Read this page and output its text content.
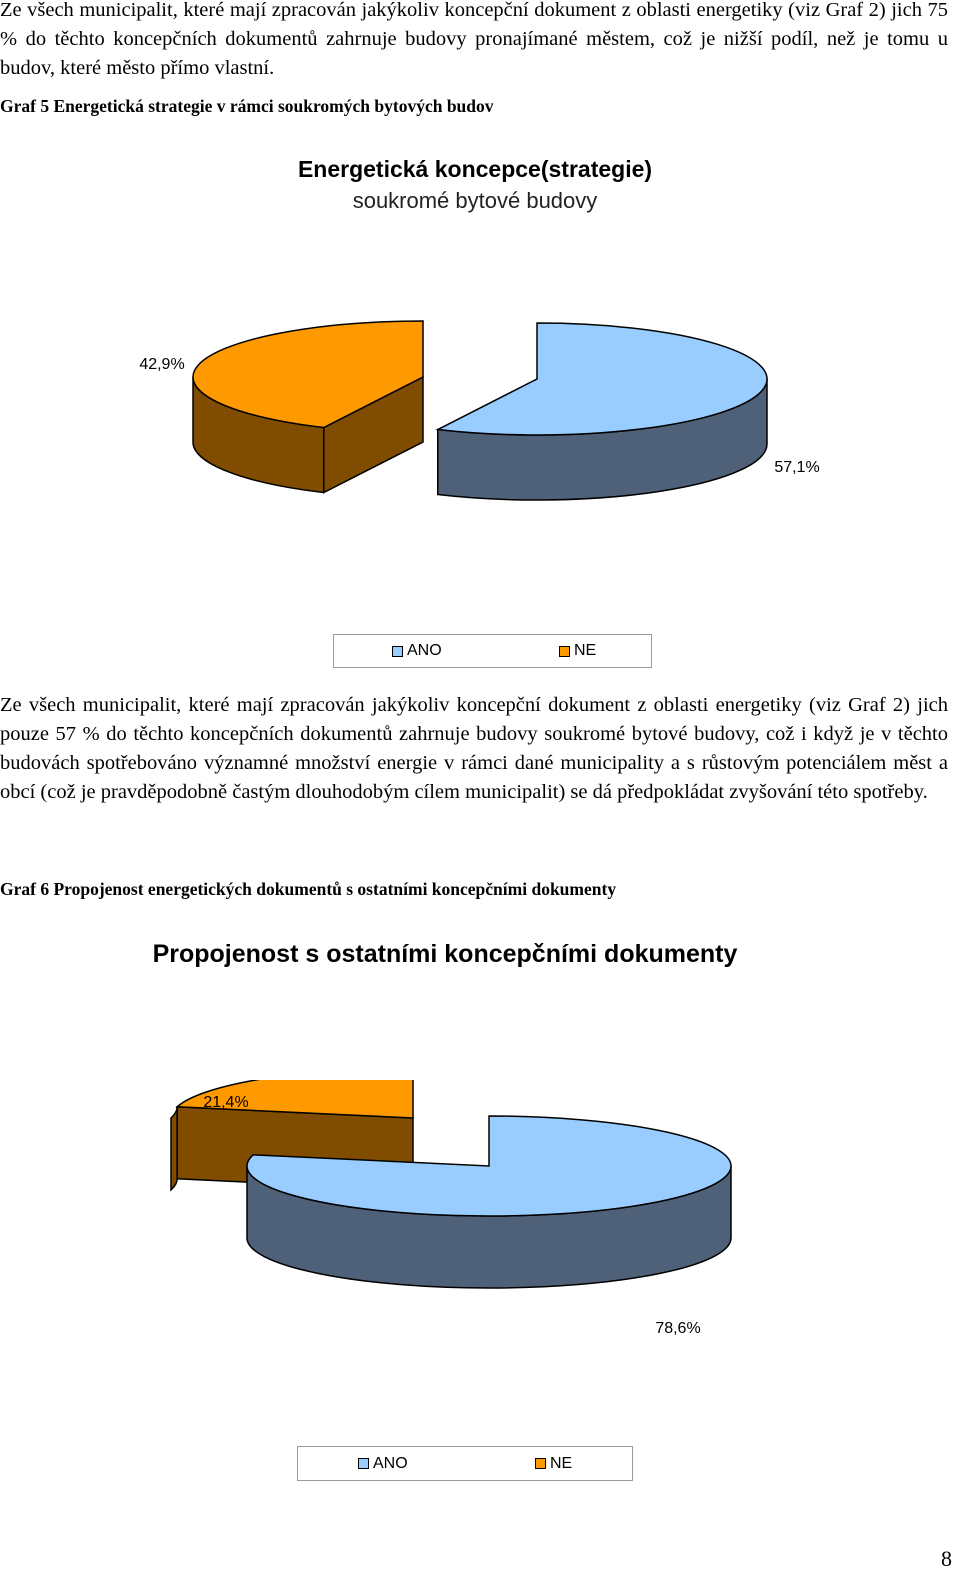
Ze všech municipalit, které mají zpracován jakýkoliv koncepční dokument z oblasti energetiky (viz Graf 2) jich 75 % do těchto koncepčních dokumentů zahrnuje budovy pronajímané městem, což je nižší podíl, než je tomu u budov, které město přímo vlastní.

Graf 5 Energetická strategie v rámci soukromých bytových budov

Energetická koncepce(strategie)
soukromé bytové budovy
42,9%
57,1%
ANO	NE

Ze všech municipalit, které mají zpracován jakýkoliv koncepční dokument z oblasti energetiky (viz Graf 2) jich pouze 57 % do těchto koncepčních dokumentů zahrnuje budovy soukromé bytové budovy, což i když je v těchto budovách spotřebováno významné množství energie v rámci dané municipality a s růstovým potenciálem měst a obcí (což je pravděpodobně častým dlouhodobým cílem municipalit) se dá předpokládat zvyšování této spotřeby.

Graf 6 Propojenost energetických dokumentů s ostatními koncepčními dokumenty

Propojenost s ostatními koncepčními dokumenty
21,4%
78,6%
ANO	NE
8
